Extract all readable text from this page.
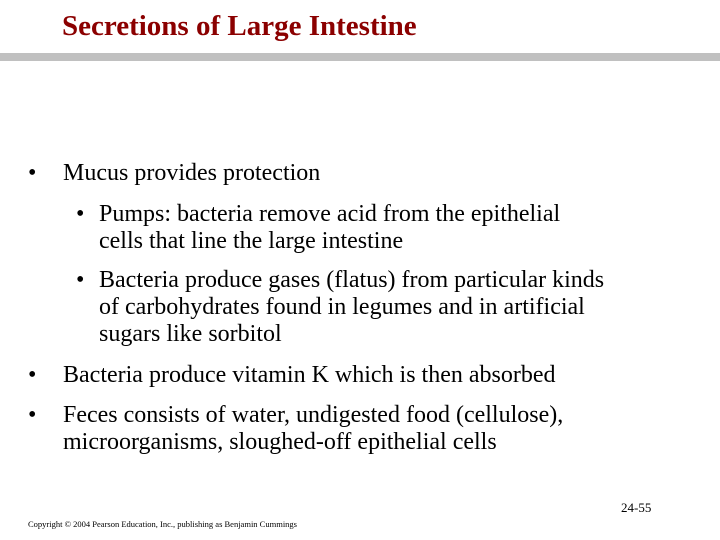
Secretions of Large Intestine
• Mucus provides protection
• Pumps: bacteria remove acid from the epithelial
cells that line the large intestine
• Bacteria produce gases (flatus) from particular kinds
of carbohydrates found in legumes and in artificial
sugars like sorbitol
• Bacteria produce vitamin K which is then absorbed
• Feces consists of water, undigested food (cellulose),
microorganisms, sloughed-off epithelial cells
24-55
Copyright © 2004 Pearson Education, Inc., publishing as Benjamin Cummings
